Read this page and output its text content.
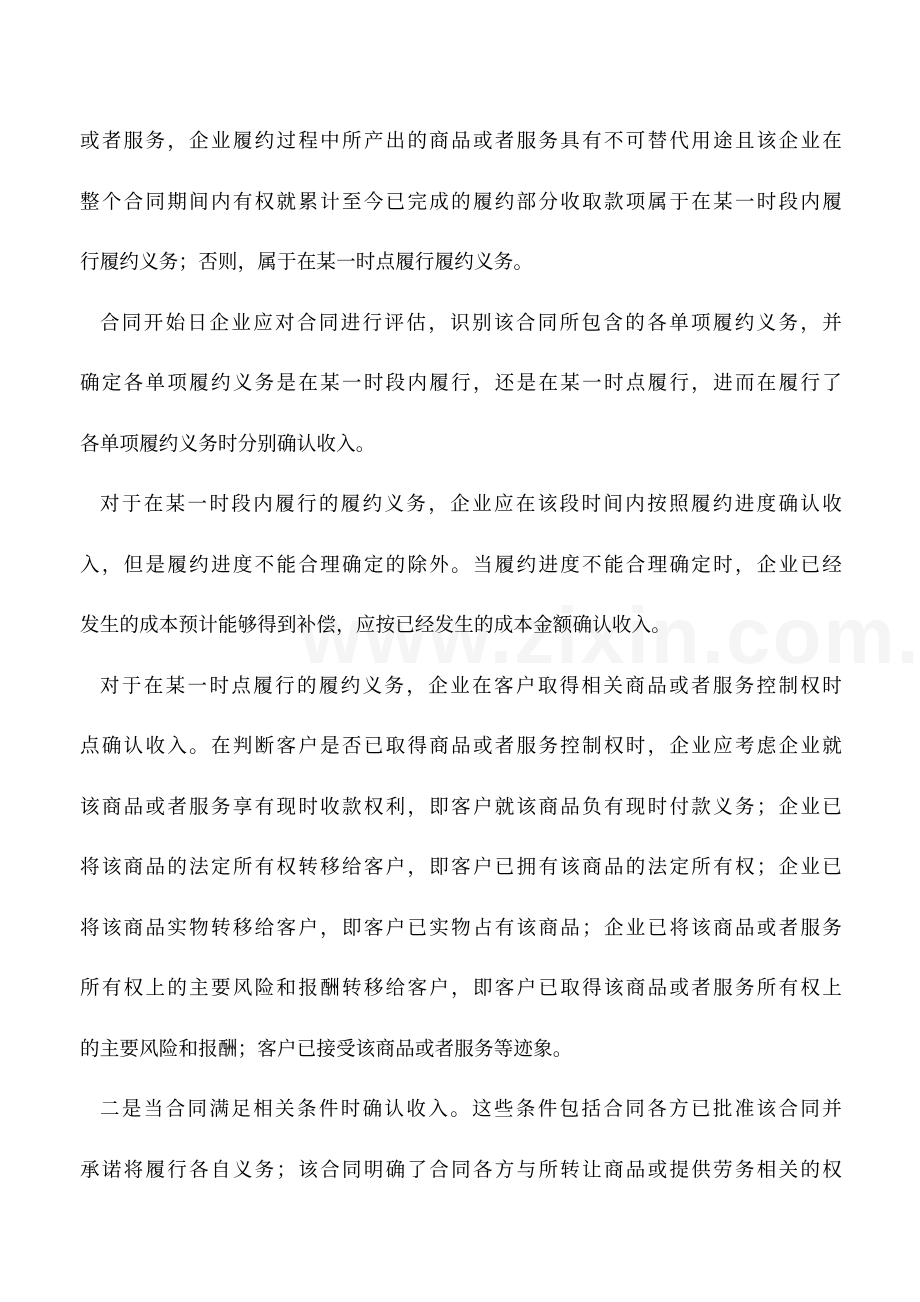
或者服务，企业履约过程中所产出的商品或者服务具有不可替代用途且该企业在
整个合同期间内有权就累计至今已完成的履约部分收取款项属于在某一时段内履
行履约义务；否则，属于在某一时点履行履约义务。
合同开始日企业应对合同进行评估，识别该合同所包含的各单项履约义务，并
确定各单项履约义务是在某一时段内履行，还是在某一时点履行，进而在履行了
各单项履约义务时分别确认收入。
对于在某一时段内履行的履约义务，企业应在该段时间内按照履约进度确认收
入，但是履约进度不能合理确定的除外。当履约进度不能合理确定时，企业已经
发生的成本预计能够得到补偿，应按已经发生的成本金额确认收入。
对于在某一时点履行的履约义务，企业在客户取得相关商品或者服务控制权时
点确认收入。在判断客户是否已取得商品或者服务控制权时，企业应考虑企业就
该商品或者服务享有现时收款权利，即客户就该商品负有现时付款义务；企业已
将该商品的法定所有权转移给客户，即客户已拥有该商品的法定所有权；企业已
将该商品实物转移给客户，即客户已实物占有该商品；企业已将该商品或者服务
所有权上的主要风险和报酬转移给客户，即客户已取得该商品或者服务所有权上
的主要风险和报酬；客户已接受该商品或者服务等迹象。
二是当合同满足相关条件时确认收入。这些条件包括合同各方已批准该合同并
承诺将履行各自义务；该合同明确了合同各方与所转让商品或提供劳务相关的权
